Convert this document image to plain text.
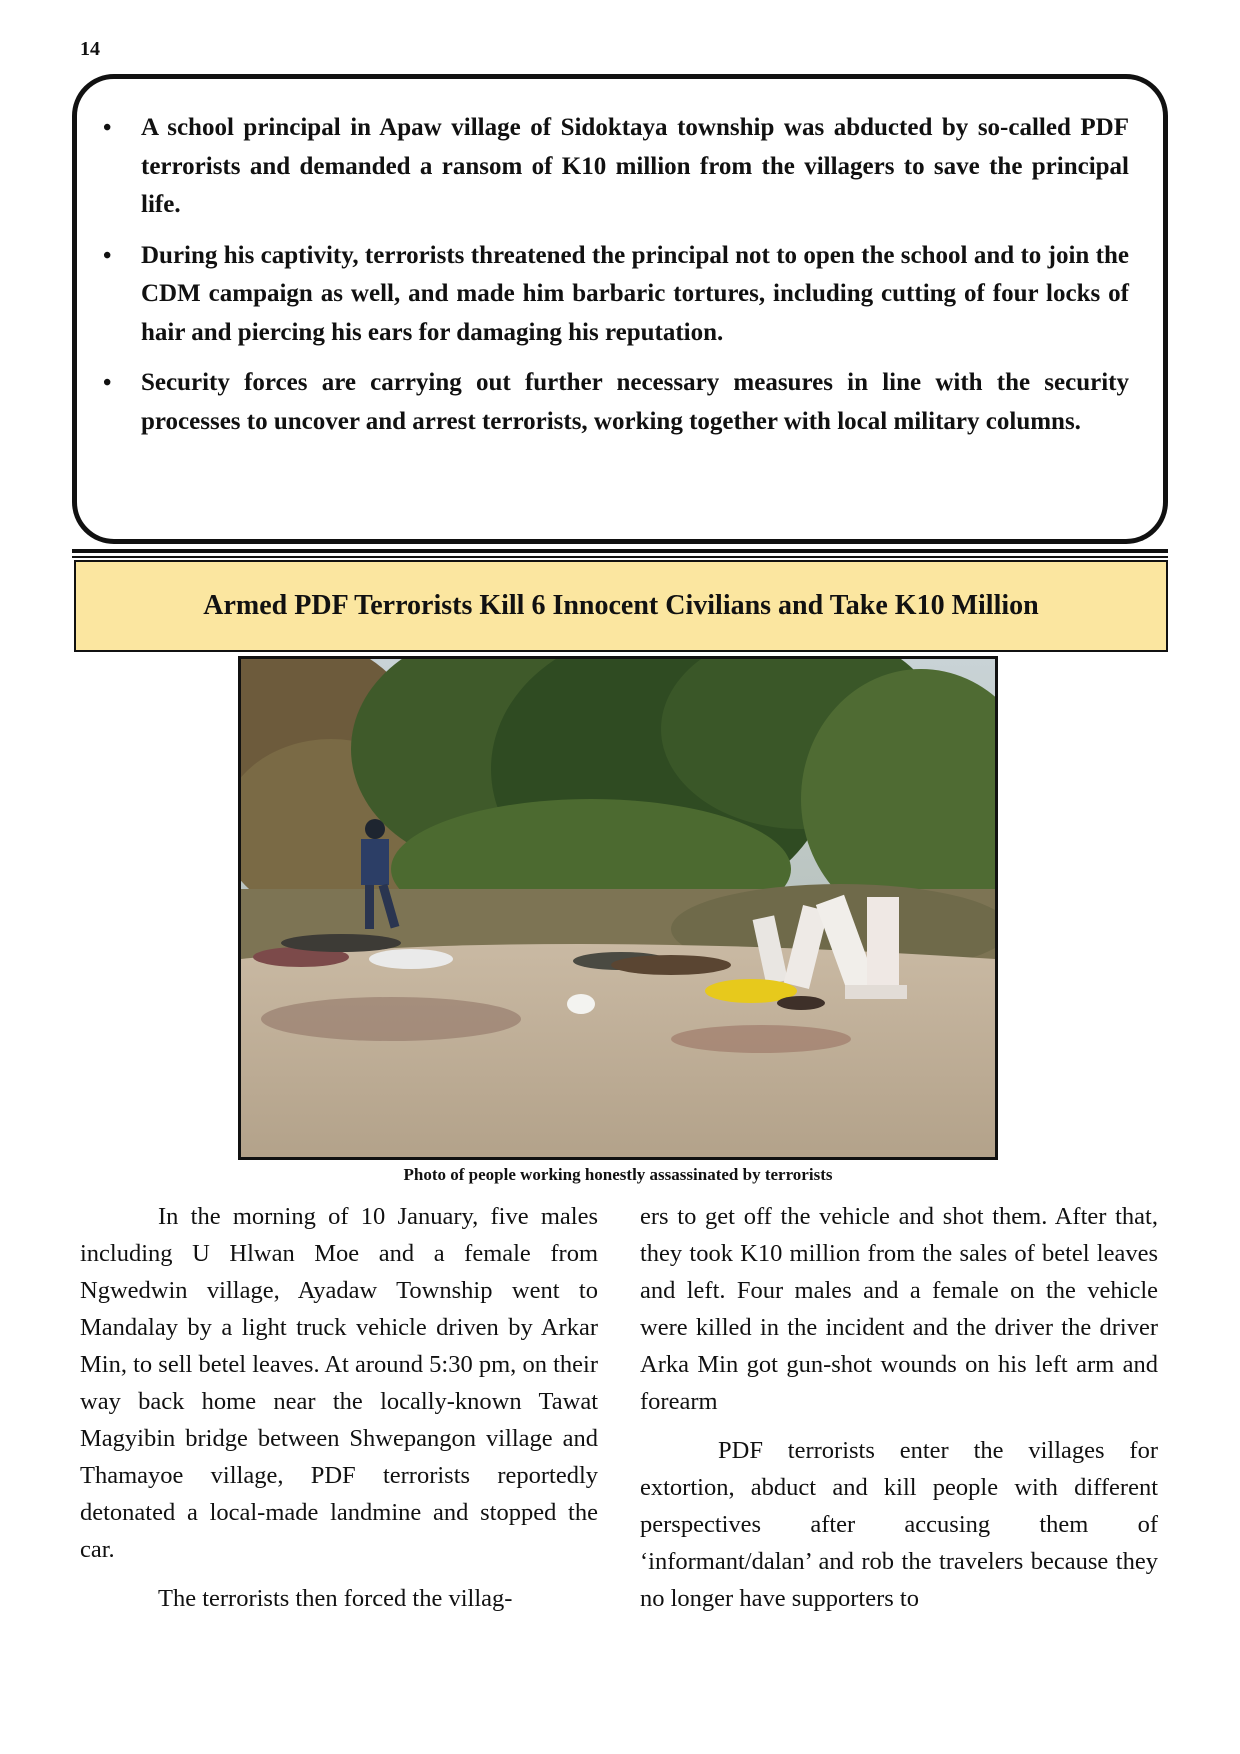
14
• A school principal in Apaw village of Sidoktaya township was abducted by so-called PDF terrorists and demanded a ransom of K10 million from the villagers to save the principal life.
• During his captivity, terrorists threatened the principal not to open the school and to join the CDM campaign as well, and made him barbaric tortures, including cutting of four locks of hair and piercing his ears for damaging his reputation.
• Security forces are carrying out further necessary measures in line with the security processes to uncover and arrest terrorists, working together with local military columns.
Armed PDF Terrorists Kill 6 Innocent Civilians and Take K10 Million
Photo of people working honestly assassinated by terrorists

In the morning of 10 January, five males including U Hlwan Moe and a female from Ngwedwin village, Ayadaw Township went to Mandalay by a light truck vehicle driven by Arkar Min, to sell betel leaves. At around 5:30 pm, on their way back home near the locally-known Tawat Magyibin bridge between Shwepangon village and Thamayoe village, PDF terrorists reportedly detonated a local-made landmine and stopped the car.

The terrorists then forced the villag-

ers to get off the vehicle and shot them. After that, they took K10 million from the sales of betel leaves and left. Four males and a female on the vehicle were killed in the incident and the driver the driver Arka Min got gun-shot wounds on his left arm and forearm

PDF terrorists enter the villages for extortion, abduct and kill people with different perspectives after accusing them of ‘informant/dalan’ and rob the travelers because they no longer have supporters to
